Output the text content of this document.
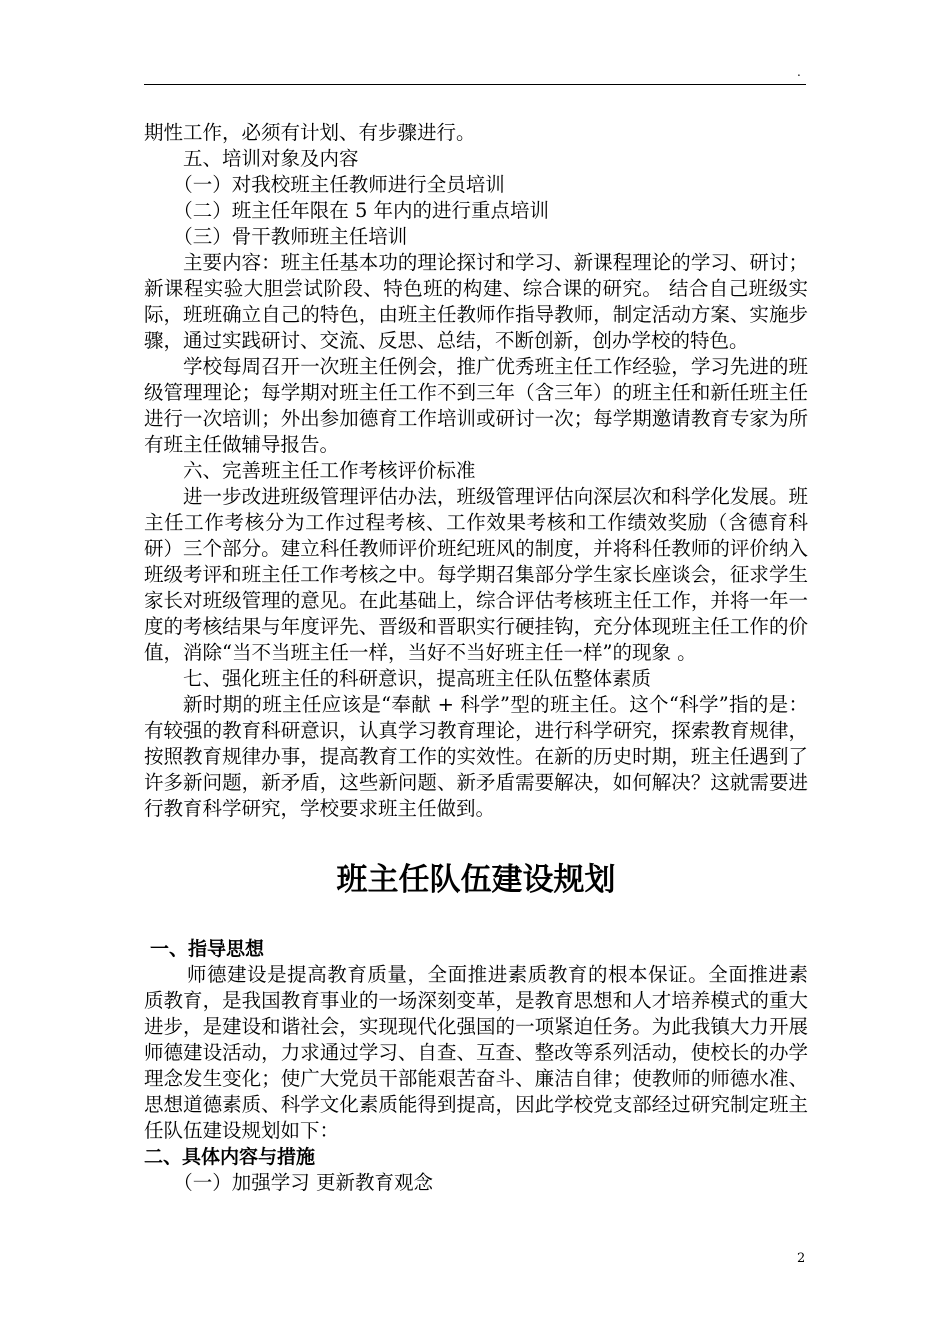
.

期性工作，必须有计划、有步骤进行。

五、培训对象及内容

（一）对我校班主任教师进行全员培训

（二）班主任年限在 5 年内的进行重点培训

（三）骨干教师班主任培训

主要内容：班主任基本功的理论探讨和学习、新课程理论的学习、研讨；新课程实验大胆尝试阶段、特色班的构建、综合课的研究。 结合自己班级实际，班班确立自己的特色，由班主任教师作指导教师，制定活动方案、实施步骤，通过实践研讨、交流、反思、总结，不断创新，创办学校的特色。

学校每周召开一次班主任例会，推广优秀班主任工作经验，学习先进的班级管理理论；每学期对班主任工作不到三年（含三年）的班主任和新任班主任进行一次培训；外出参加德育工作培训或研讨一次；每学期邀请教育专家为所有班主任做辅导报告。

六、完善班主任工作考核评价标准

进一步改进班级管理评估办法，班级管理评估向深层次和科学化发展。班主任工作考核分为工作过程考核、工作效果考核和工作绩效奖励（含德育科研）三个部分。建立科任教师评价班纪班风的制度，并将科任教师的评价纳入班级考评和班主任工作考核之中。每学期召集部分学生家长座谈会，征求学生家长对班级管理的意见。在此基础上，综合评估考核班主任工作，并将一年一度的考核结果与年度评先、晋级和晋职实行硬挂钩，充分体现班主任工作的价值，消除“当不当班主任一样，当好不当好班主任一样”的现象 。

七、强化班主任的科研意识，提高班主任队伍整体素质

新时期的班主任应该是“奉献 + 科学”型的班主任。这个“科学”指的是：有较强的教育科研意识，认真学习教育理论，进行科学研究，探索教育规律，按照教育规律办事，提高教育工作的实效性。在新的历史时期，班主任遇到了许多新问题，新矛盾，这些新问题、新矛盾需要解决，如何解决？这就需要进行教育科学研究，学校要求班主任做到。

班主任队伍建设规划

一、指导思想

师德建设是提高教育质量，全面推进素质教育的根本保证。全面推进素质教育，是我国教育事业的一场深刻变革，是教育思想和人才培养模式的重大进步，是建设和谐社会，实现现代化强国的一项紧迫任务。为此我镇大力开展师德建设活动，力求通过学习、自查、互查、整改等系列活动，使校长的办学理念发生变化；使广大党员干部能艰苦奋斗、廉洁自律；使教师的师德水准、思想道德素质、科学文化素质能得到提高，因此学校党支部经过研究制定班主任队伍建设规划如下：

二、具体内容与措施

（一）加强学习 更新教育观念

2
